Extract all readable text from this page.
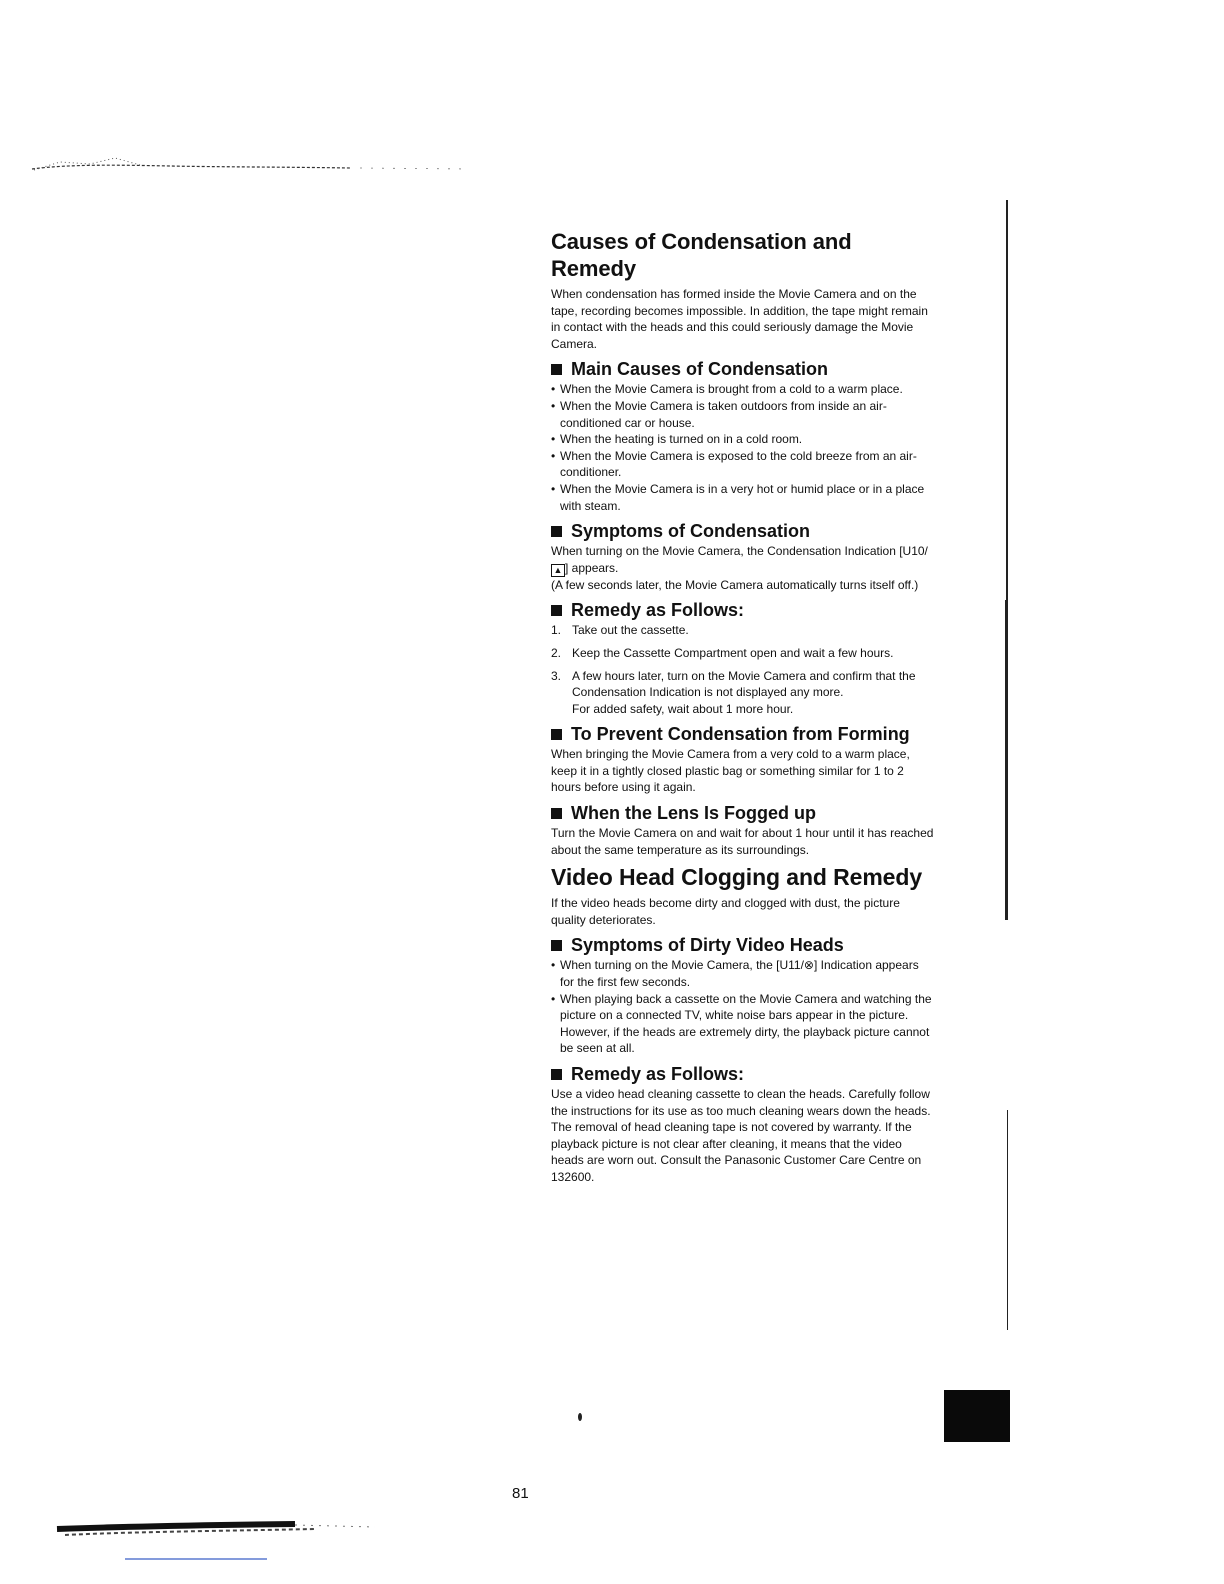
Causes of Condensation and
Remedy

When condensation has formed inside the Movie Camera and on the tape, recording becomes impossible. In addition, the tape might remain in contact with the heads and this could seriously damage the Movie Camera.

Main Causes of Condensation
• When the Movie Camera is brought from a cold to a warm place.
• When the Movie Camera is taken outdoors from inside an air-conditioned car or house.
• When the heating is turned on in a cold room.
• When the Movie Camera is exposed to the cold breeze from an air-conditioner.
• When the Movie Camera is in a very hot or humid place or in a place with steam.
Symptoms of Condensation

When turning on the Movie Camera, the Condensation Indication [U10/▲ ] appears.

(A few seconds later, the Movie Camera automatically turns itself off.)

Remedy as Follows:
1. Take out the cassette.
2. Keep the Cassette Compartment open and wait a few hours.
3. A few hours later, turn on the Movie Camera and confirm that the Condensation Indication is not displayed any more.
For added safety, wait about 1 more hour.
To Prevent Condensation from Forming

When bringing the Movie Camera from a very cold to a warm place, keep it in a tightly closed plastic bag or something similar for 1 to 2 hours before using it again.

When the Lens Is Fogged up

Turn the Movie Camera on and wait for about 1 hour until it has reached about the same temperature as its surroundings.

Video Head Clogging and Remedy

If the video heads become dirty and clogged with dust, the picture quality deteriorates.

Symptoms of Dirty Video Heads
• When turning on the Movie Camera, the [U11/⊗] Indication appears for the first few seconds.
• When playing back a cassette on the Movie Camera and watching the picture on a connected TV, white noise bars appear in the picture. However, if the heads are extremely dirty, the playback picture cannot be seen at all.
Remedy as Follows:

Use a video head cleaning cassette to clean the heads. Carefully follow the instructions for its use as too much cleaning wears down the heads. The removal of head cleaning tape is not covered by warranty. If the playback picture is not clear after cleaning, it means that the video heads are worn out. Consult the Panasonic Customer Care Centre on 132600.

81
